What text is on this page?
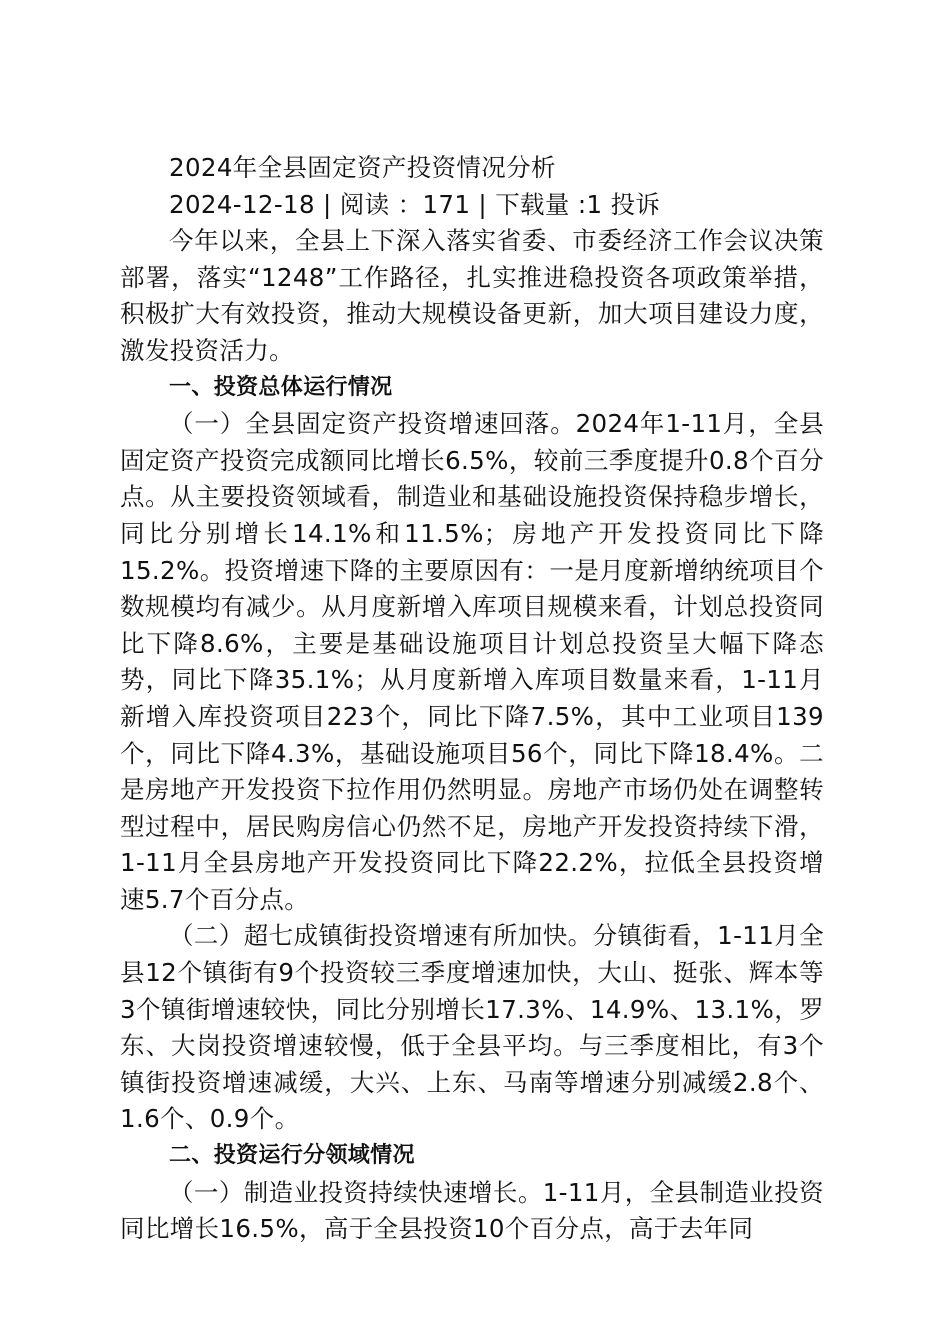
2024年全县固定资产投资情况分析

2024-12-18 | 阅读 ：171 | 下载量 :1 投诉

今年以来，全县上下深入落实省委、市委经济工作会议决策部署，落实“1248”工作路径，扎实推进稳投资各项政策举措，积极扩大有效投资，推动大规模设备更新，加大项目建设力度，激发投资活力。

一、投资总体运行情况

（一）全县固定资产投资增速回落。2024年1-11月，全县固定资产投资完成额同比增长6.5%，较前三季度提升0.8个百分点。从主要投资领域看，制造业和基础设施投资保持稳步增长，同比分别增长14.1%和11.5%；房地产开发投资同比下降15.2%。投资增速下降的主要原因有：一是月度新增纳统项目个数规模均有减少。从月度新增入库项目规模来看，计划总投资同比下降8.6%，主要是基础设施项目计划总投资呈大幅下降态势，同比下降35.1%；从月度新增入库项目数量来看，1-11月新增入库投资项目223个，同比下降7.5%，其中工业项目139个，同比下降4.3%，基础设施项目56个，同比下降18.4%。二是房地产开发投资下拉作用仍然明显。房地产市场仍处在调整转型过程中，居民购房信心仍然不足，房地产开发投资持续下滑，1-11月全县房地产开发投资同比下降22.2%，拉低全县投资增速5.7个百分点。

（二）超七成镇街投资增速有所加快。分镇街看，1-11月全县12个镇街有9个投资较三季度增速加快，大山、挺张、辉本等3个镇街增速较快，同比分别增长17.3%、14.9%、13.1%，罗东、大岗投资增速较慢，低于全县平均。与三季度相比，有3个镇街投资增速减缓，大兴、上东、马南等增速分别减缓2.8个、1.6个、0.9个。

二、投资运行分领域情况

（一）制造业投资持续快速增长。1-11月，全县制造业投资同比增长16.5%，高于全县投资10个百分点，高于去年同
